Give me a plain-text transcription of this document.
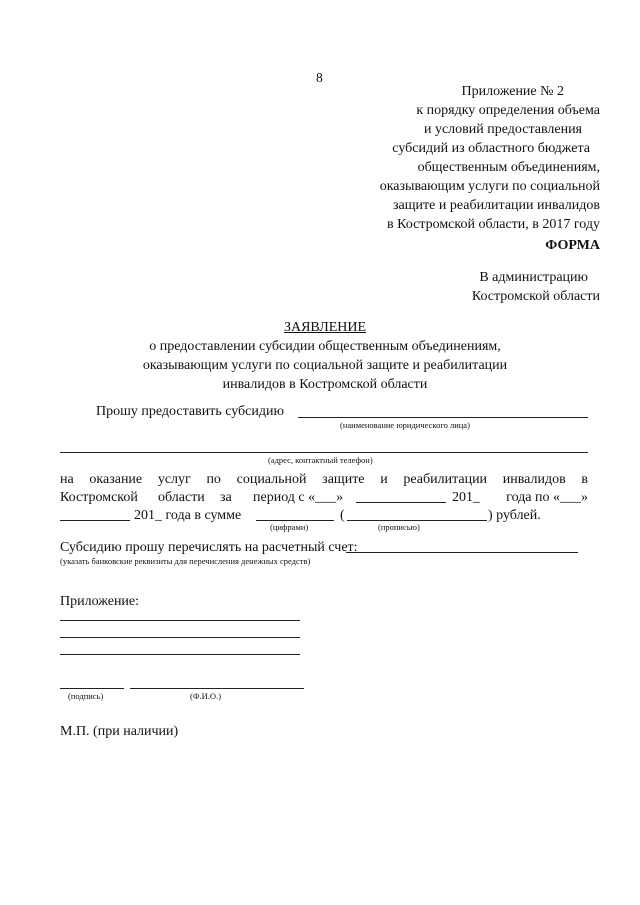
8
Приложение № 2
к порядку определения объема
и условий предоставления
субсидий из областного бюджета
общественным объединениям,
оказывающим услуги по социальной
защите и реабилитации инвалидов
в Костромской области, в 2017 году
ФОРМА
В администрацию
Костромской области
ЗАЯВЛЕНИЕ
о предоставлении субсидии общественным объединениям,
оказывающим услуги по социальной защите и реабилитации
инвалидов в Костромской области
Прошу предоставить субсидию
(наименование юридического лица)
(адрес, контактный телефон)
на оказание услуг по социальной защите и реабилитации инвалидов в
Костромской области за период с «___»	201_ года по «___»
201_ года в сумме	(	) рублей.
(цифрами)	(прописью)
Субсидию прошу перечислять на расчетный счет:
(указать банковские реквизиты для перечисления денежных средств)
Приложение:
(подпись)	(Ф.И.О.)
М.П. (при наличии)
